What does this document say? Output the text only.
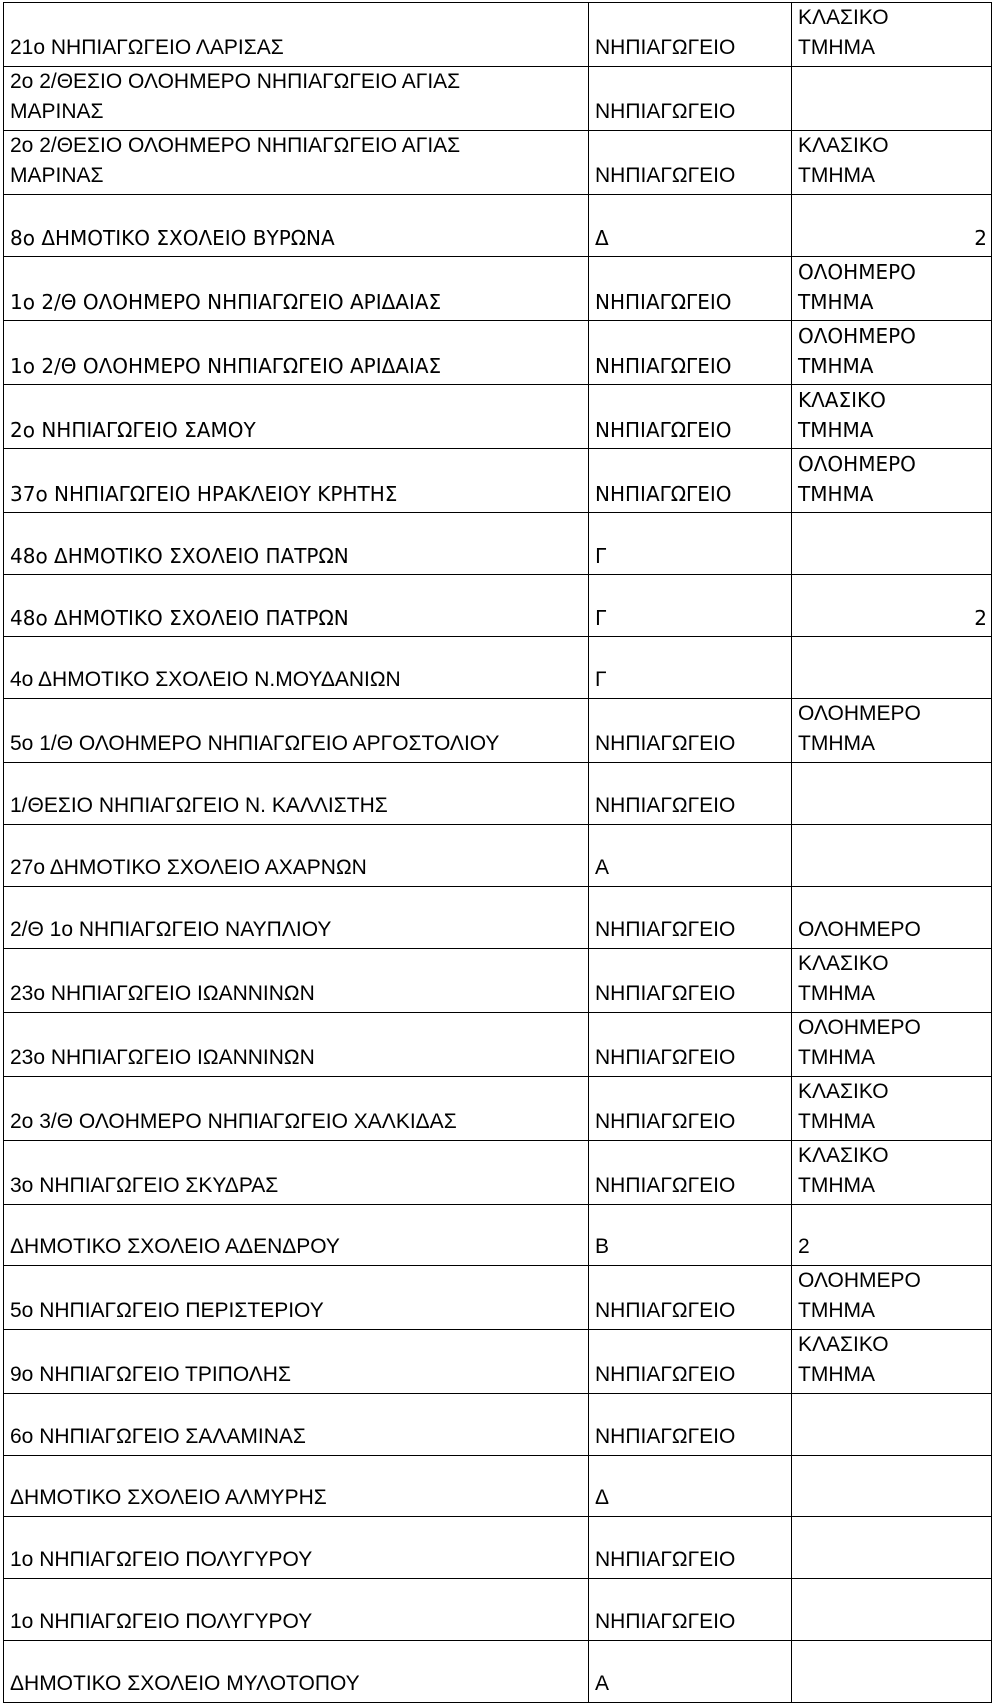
21ο ΝΗΠΙΑΓΩΓΕΙΟ ΛΑΡΙΣΑΣ	ΝΗΠΙΑΓΩΓΕΙΟ	ΚΛΑΣΙΚΟ
ΤΜΗΜΑ
2ο 2/ΘΕΣΙΟ ΟΛΟΗΜΕΡΟ ΝΗΠΙΑΓΩΓΕΙΟ ΑΓΙΑΣ
ΜΑΡΙΝΑΣ	ΝΗΠΙΑΓΩΓΕΙΟ	
2ο 2/ΘΕΣΙΟ ΟΛΟΗΜΕΡΟ ΝΗΠΙΑΓΩΓΕΙΟ ΑΓΙΑΣ
ΜΑΡΙΝΑΣ	ΝΗΠΙΑΓΩΓΕΙΟ	ΚΛΑΣΙΚΟ
ΤΜΗΜΑ
8ο ΔΗΜΟΤΙΚΟ ΣΧΟΛΕΙΟ ΒΥΡΩΝΑ	Δ	2
1ο 2/Θ ΟΛΟΗΜΕΡΟ ΝΗΠΙΑΓΩΓΕΙΟ ΑΡΙΔΑΙΑΣ	ΝΗΠΙΑΓΩΓΕΙΟ	ΟΛΟΗΜΕΡΟ
ΤΜΗΜΑ
1ο 2/Θ ΟΛΟΗΜΕΡΟ ΝΗΠΙΑΓΩΓΕΙΟ ΑΡΙΔΑΙΑΣ	ΝΗΠΙΑΓΩΓΕΙΟ	ΟΛΟΗΜΕΡΟ
ΤΜΗΜΑ
2ο ΝΗΠΙΑΓΩΓΕΙΟ ΣΑΜΟΥ	ΝΗΠΙΑΓΩΓΕΙΟ	ΚΛΑΣΙΚΟ
ΤΜΗΜΑ
37ο ΝΗΠΙΑΓΩΓΕΙΟ ΗΡΑΚΛΕΙΟΥ ΚΡΗΤΗΣ	ΝΗΠΙΑΓΩΓΕΙΟ	ΟΛΟΗΜΕΡΟ
ΤΜΗΜΑ
48ο ΔΗΜΟΤΙΚΟ ΣΧΟΛΕΙΟ ΠΑΤΡΩΝ	Γ	
48ο ΔΗΜΟΤΙΚΟ ΣΧΟΛΕΙΟ ΠΑΤΡΩΝ	Γ	2
4ο ΔΗΜΟΤΙΚΟ ΣΧΟΛΕΙΟ Ν.ΜΟΥΔΑΝΙΩΝ	Γ	
5ο 1/Θ ΟΛΟΗΜΕΡΟ ΝΗΠΙΑΓΩΓΕΙΟ ΑΡΓΟΣΤΟΛΙΟΥ	ΝΗΠΙΑΓΩΓΕΙΟ	ΟΛΟΗΜΕΡΟ
ΤΜΗΜΑ
1/ΘΕΣΙΟ ΝΗΠΙΑΓΩΓΕΙΟ Ν. ΚΑΛΛΙΣΤΗΣ	ΝΗΠΙΑΓΩΓΕΙΟ	
27ο ΔΗΜΟΤΙΚΟ ΣΧΟΛΕΙΟ ΑΧΑΡΝΩΝ	Α	
2/Θ 1ο ΝΗΠΙΑΓΩΓΕΙΟ ΝΑΥΠΛΙΟΥ	ΝΗΠΙΑΓΩΓΕΙΟ	ΟΛΟΗΜΕΡΟ
23ο ΝΗΠΙΑΓΩΓΕΙΟ ΙΩΑΝΝΙΝΩΝ	ΝΗΠΙΑΓΩΓΕΙΟ	ΚΛΑΣΙΚΟ
ΤΜΗΜΑ
23ο ΝΗΠΙΑΓΩΓΕΙΟ ΙΩΑΝΝΙΝΩΝ	ΝΗΠΙΑΓΩΓΕΙΟ	ΟΛΟΗΜΕΡΟ
ΤΜΗΜΑ
2ο 3/Θ ΟΛΟΗΜΕΡΟ ΝΗΠΙΑΓΩΓΕΙΟ ΧΑΛΚΙΔΑΣ	ΝΗΠΙΑΓΩΓΕΙΟ	ΚΛΑΣΙΚΟ
ΤΜΗΜΑ
3ο ΝΗΠΙΑΓΩΓΕΙΟ ΣΚΥΔΡΑΣ	ΝΗΠΙΑΓΩΓΕΙΟ	ΚΛΑΣΙΚΟ
ΤΜΗΜΑ
ΔΗΜΟΤΙΚΟ ΣΧΟΛΕΙΟ ΑΔΕΝΔΡΟΥ	Β	2
5ο ΝΗΠΙΑΓΩΓΕΙΟ ΠΕΡΙΣΤΕΡΙΟΥ	ΝΗΠΙΑΓΩΓΕΙΟ	ΟΛΟΗΜΕΡΟ
ΤΜΗΜΑ
9ο ΝΗΠΙΑΓΩΓΕΙΟ ΤΡΙΠΟΛΗΣ	ΝΗΠΙΑΓΩΓΕΙΟ	ΚΛΑΣΙΚΟ
ΤΜΗΜΑ
6ο ΝΗΠΙΑΓΩΓΕΙΟ ΣΑΛΑΜΙΝΑΣ	ΝΗΠΙΑΓΩΓΕΙΟ	
ΔΗΜΟΤΙΚΟ ΣΧΟΛΕΙΟ ΑΛΜΥΡΗΣ	Δ	
1ο ΝΗΠΙΑΓΩΓΕΙΟ ΠΟΛΥΓΥΡΟΥ	ΝΗΠΙΑΓΩΓΕΙΟ	
1ο ΝΗΠΙΑΓΩΓΕΙΟ ΠΟΛΥΓΥΡΟΥ	ΝΗΠΙΑΓΩΓΕΙΟ	
ΔΗΜΟΤΙΚΟ ΣΧΟΛΕΙΟ ΜΥΛΟΤΟΠΟΥ	Α	
